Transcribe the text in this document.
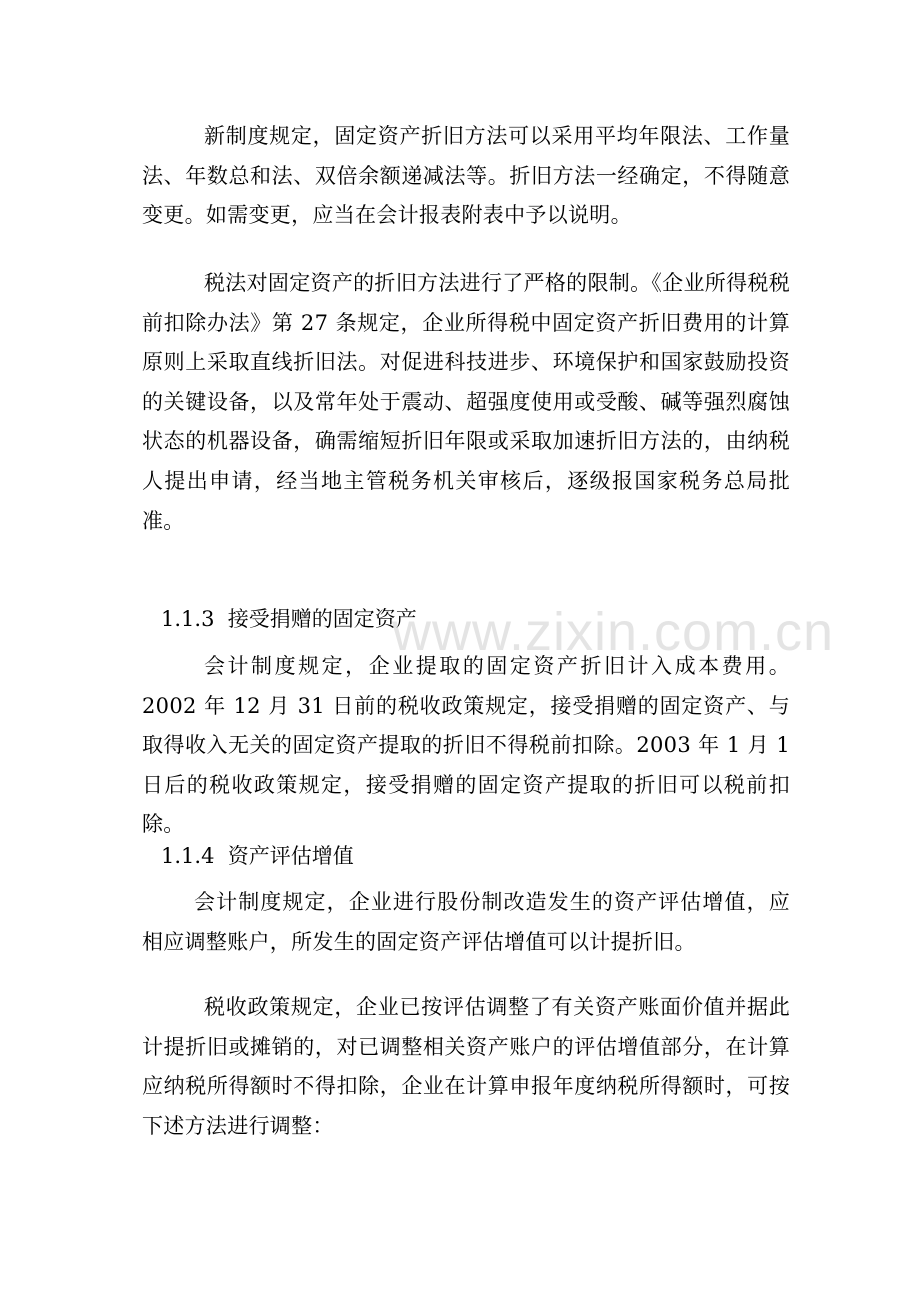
新制度规定，固定资产折旧方法可以采用平均年限法、工作量法、年数总和法、双倍余额递减法等。折旧方法一经确定，不得随意变更。如需变更，应当在会计报表附表中予以说明。

税法对固定资产的折旧方法进行了严格的限制。《企业所得税税前扣除办法》第 27 条规定，企业所得税中固定资产折旧费用的计算原则上采取直线折旧法。对促进科技进步、环境保护和国家鼓励投资的关键设备，以及常年处于震动、超强度使用或受酸、碱等强烈腐蚀状态的机器设备，确需缩短折旧年限或采取加速折旧方法的，由纳税人提出申请，经当地主管税务机关审核后，逐级报国家税务总局批准。

1.1.3  接受捐赠的固定资产

会计制度规定，企业提取的固定资产折旧计入成本费用。2002 年 12 月 31 日前的税收政策规定，接受捐赠的固定资产、与取得收入无关的固定资产提取的折旧不得税前扣除。2003 年 1 月 1 日后的税收政策规定，接受捐赠的固定资产提取的折旧可以税前扣除。

1.1.4  资产评估增值

会计制度规定，企业进行股份制改造发生的资产评估增值，应相应调整账户，所发生的固定资产评估增值可以计提折旧。

税收政策规定，企业已按评估调整了有关资产账面价值并据此计提折旧或摊销的，对已调整相关资产账户的评估增值部分，在计算应纳税所得额时不得扣除，企业在计算申报年度纳税所得额时，可按下述方法进行调整：

www.zixin.com.cn
